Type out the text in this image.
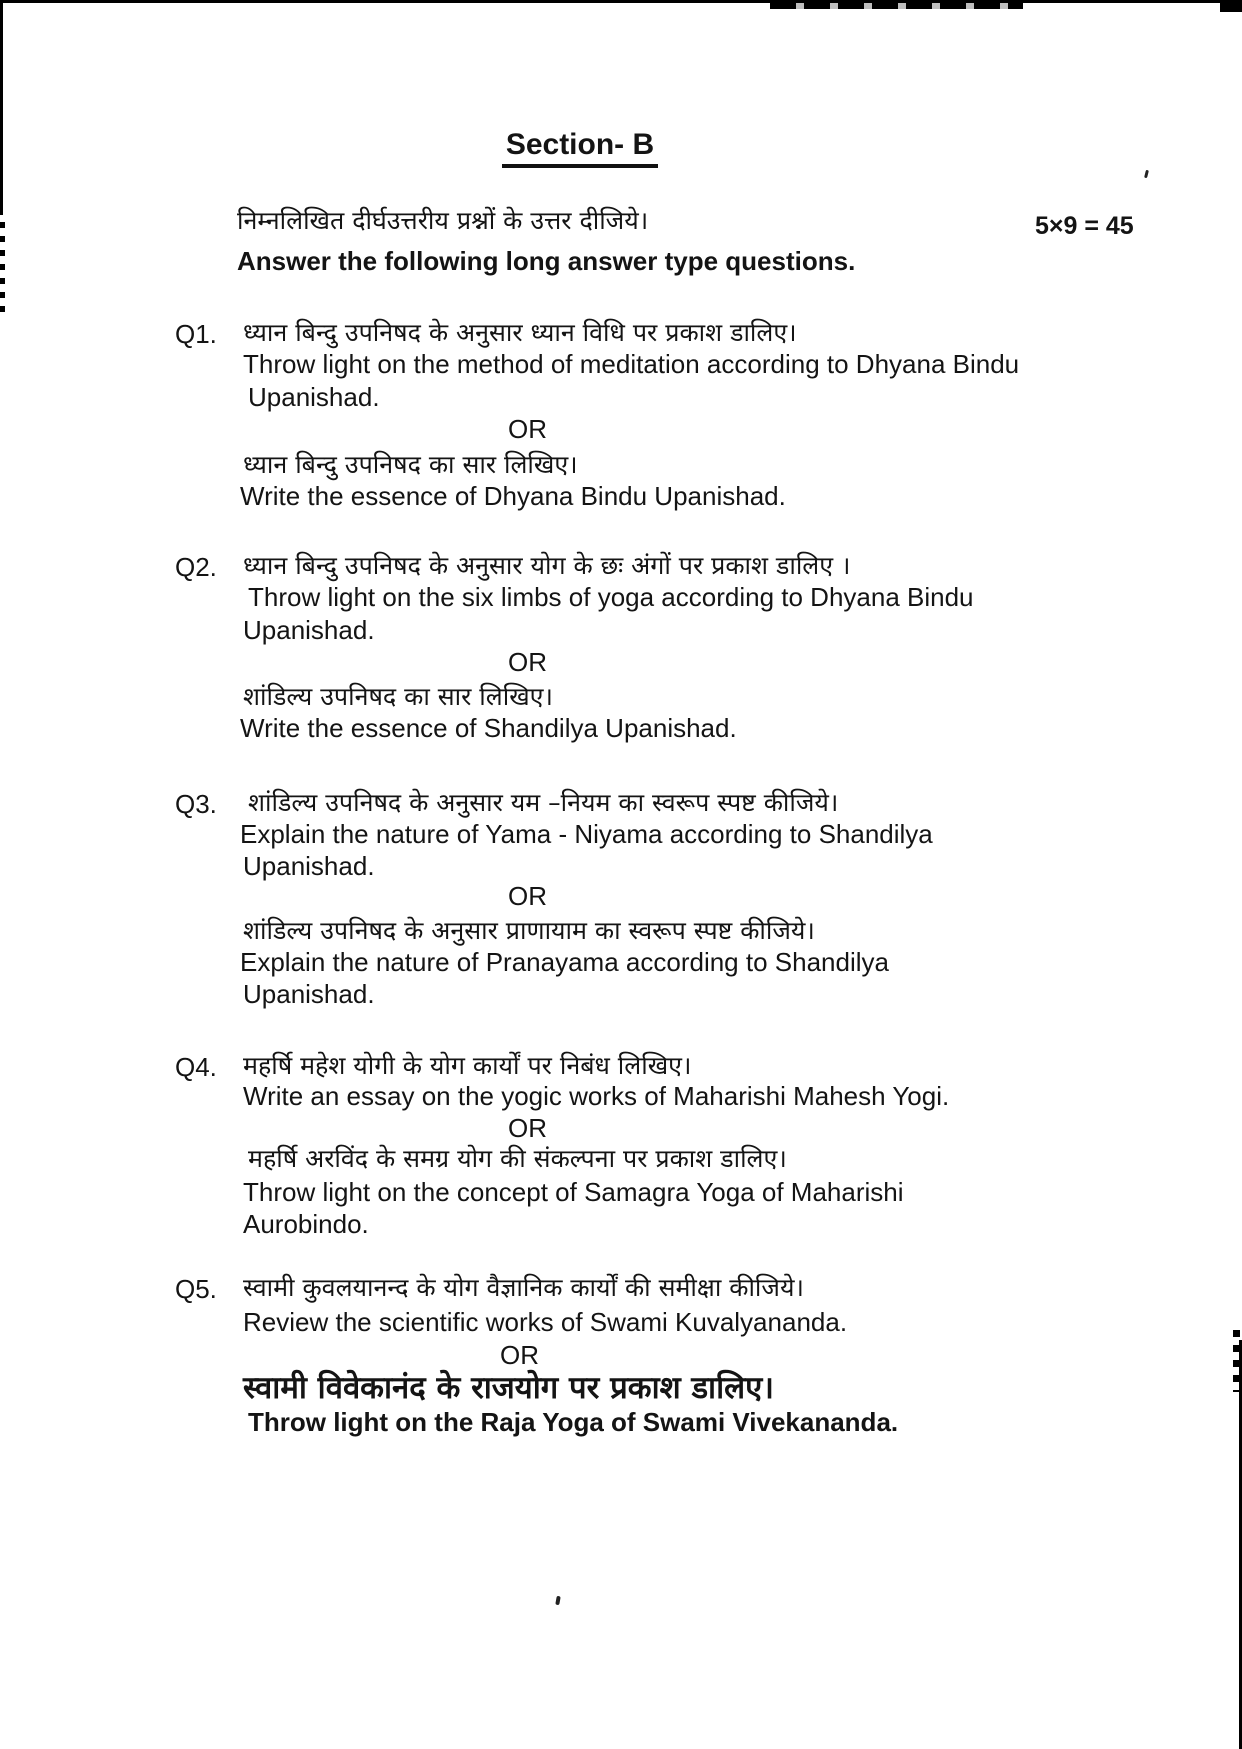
Section- B
5×9 = 45
निम्नलिखित दीर्घउत्तरीय प्रश्नों के उत्तर दीजिये।
Answer the following long answer type questions.
Q1. ध्यान बिन्दु उपनिषद के अनुसार ध्यान विधि पर प्रकाश डालिए।
Throw light on the method of meditation according to Dhyana Bindu
Upanishad.
OR
ध्यान बिन्दु उपनिषद का सार लिखिए।
Write the essence of Dhyana Bindu Upanishad.
Q2. ध्यान बिन्दु उपनिषद के अनुसार योग के छः अंगों पर प्रकाश डालिए ।
Throw light on the six limbs of yoga according to Dhyana Bindu
Upanishad.
OR
शांडिल्य उपनिषद का सार लिखिए।
Write the essence of Shandilya Upanishad.
Q3. शांडिल्य उपनिषद के अनुसार यम –नियम का स्वरूप स्पष्ट कीजिये।
Explain the nature of Yama - Niyama according to Shandilya
Upanishad.
OR
शांडिल्य उपनिषद के अनुसार प्राणायाम का स्वरूप स्पष्ट कीजिये।
Explain the nature of Pranayama according to Shandilya
Upanishad.
Q4. महर्षि महेश योगी के योग कार्यों पर निबंध लिखिए।
Write an essay on the yogic works of Maharishi Mahesh Yogi.
OR
महर्षि अरविंद के समग्र योग की संकल्पना पर प्रकाश डालिए।
Throw light on the concept of Samagra Yoga of Maharishi
Aurobindo.
Q5. स्वामी कुवलयानन्द के योग वैज्ञानिक कार्यों की समीक्षा कीजिये।
Review the scientific works of Swami Kuvalyananda.
OR
स्वामी विवेकानंद के राजयोग पर प्रकाश डालिए।
Throw light on the Raja Yoga of Swami Vivekananda.
